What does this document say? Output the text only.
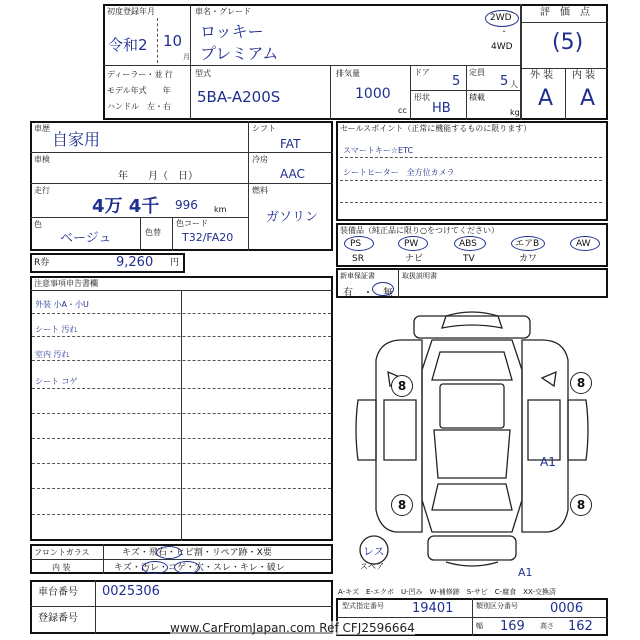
初度登録年月
令和2 10
月
車名・グレード
ロッキー
プレミアム
2WD
・
4WD
評　価　点
(5)
ディーラー・並 行
モデル年式　　年
ハンドル　左・右
型式
5BA-A200S
排気量
1000
cc
ドア
5
定員
5 人
形状
HB
積載
kg
外 装 内 装
A A
車歴
自家用
車検
年　　月（　日）
走行
4万 4千 996 km
色
ベージュ	色替
色コード
T32/FA20
シフト
FAT
冷房
AAC
燃料
ガソリン
R券	9,260 円
セールスポイント（正常に機能するものに限ります）
スマートキー☆ETC
シートヒーター　全方位カメラ
装備品（純正品に限り○をつけてください）
PS	PW	ABS	エアB	AW
SR	ナビ	TV	カワ
新車保証書
有　・　無
取扱説明書
注意事項申告書欄
外装 小A・小U
シート 汚れ
室内 汚れ
シート コゲ
フロントガラス	キズ・飛石・ヒビ割・リペア跡・X要
内 装	キズ・汚レ・コゲ・穴・スレ・キレ・破レ
車台番号 0025306
登録番号
8	8
8	8
A1
A1
レス
スペア
A-キズ　E-エクボ　U-凹み　W-補修跡　S-サビ　C-腐食　XX-交換済
型式指定番号 19401	類別区分番号 0006
幅 169 高さ 162
www.CarFromJapan.com Ref CFJ2596664
